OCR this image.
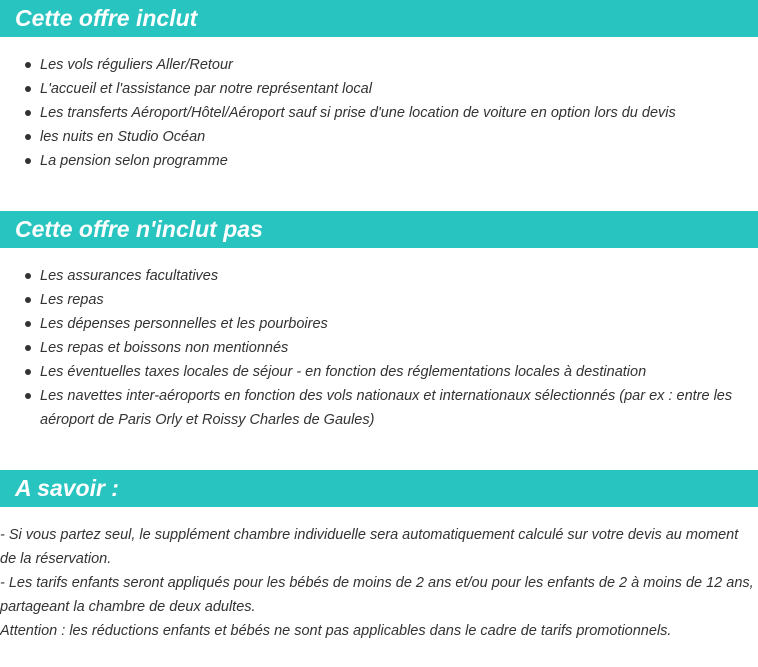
Cette offre inclut
Les vols réguliers Aller/Retour
L'accueil et l'assistance par notre représentant local
Les transferts Aéroport/Hôtel/Aéroport sauf si prise d'une location de voiture en option lors du devis
les nuits en Studio Océan
La pension selon programme
Cette offre n'inclut pas
Les assurances facultatives
Les repas
Les dépenses personnelles et les pourboires
Les repas et boissons non mentionnés
Les éventuelles taxes locales de séjour - en fonction des réglementations locales à destination
Les navettes inter-aéroports en fonction des vols nationaux et internationaux sélectionnés (par ex : entre les aéroport de Paris Orly et Roissy Charles de Gaules)
A savoir :

- Si vous partez seul, le supplément chambre individuelle sera automatiquement calculé sur votre devis au moment de la réservation.

- Les tarifs enfants seront appliqués pour les bébés de moins de 2 ans et/ou pour les enfants de 2 à moins de 12 ans, partageant la chambre de deux adultes.

Attention : les réductions enfants et bébés ne sont pas applicables dans le cadre de tarifs promotionnels.
